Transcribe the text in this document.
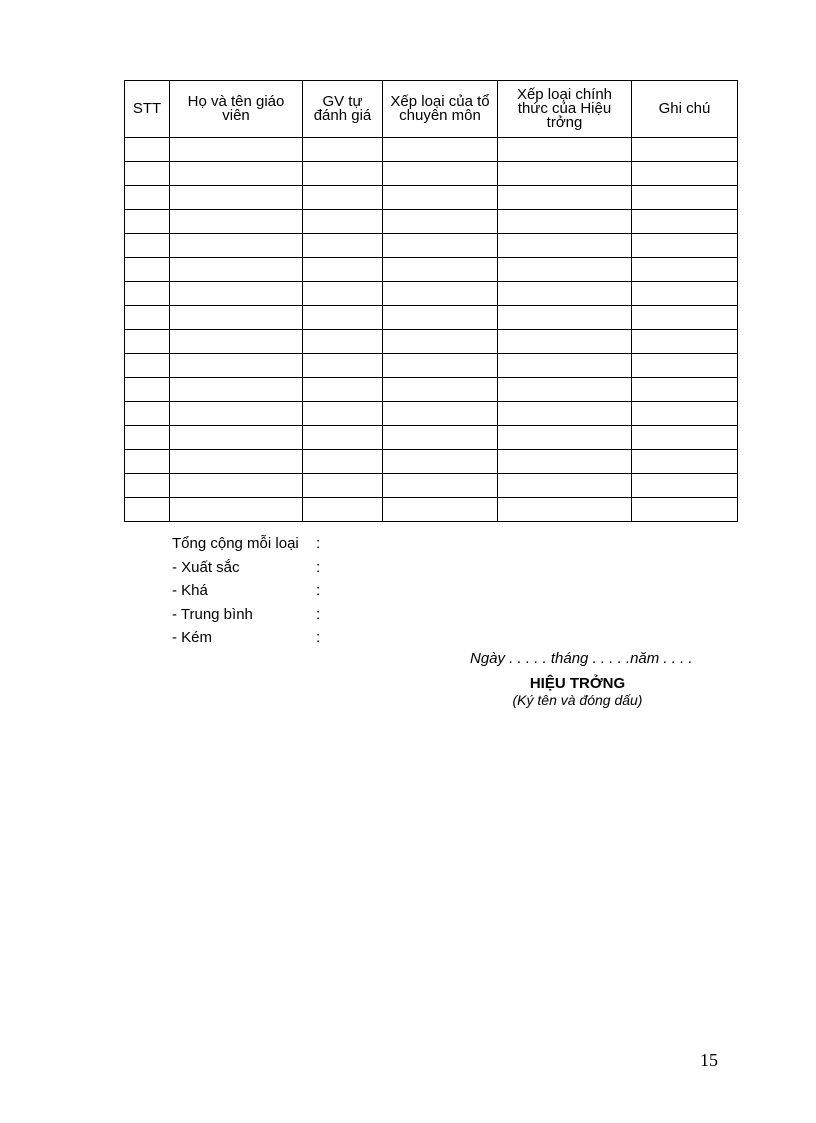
STT	Họ và tên giáo viên	GV tự đánh giá	Xếp loại của tổ chuyên môn	Xếp loại chính thức của Hiệu trởng	Ghi chú

Tổng cộng mỗi loại	:
- Xuất sắc	:
- Khá	:
- Trung bình	:
- Kém	:
Ngày . . . . . tháng . . . . .năm . . . .
HIỆU TRỞNG
(Ký tên và đóng dấu)
15
